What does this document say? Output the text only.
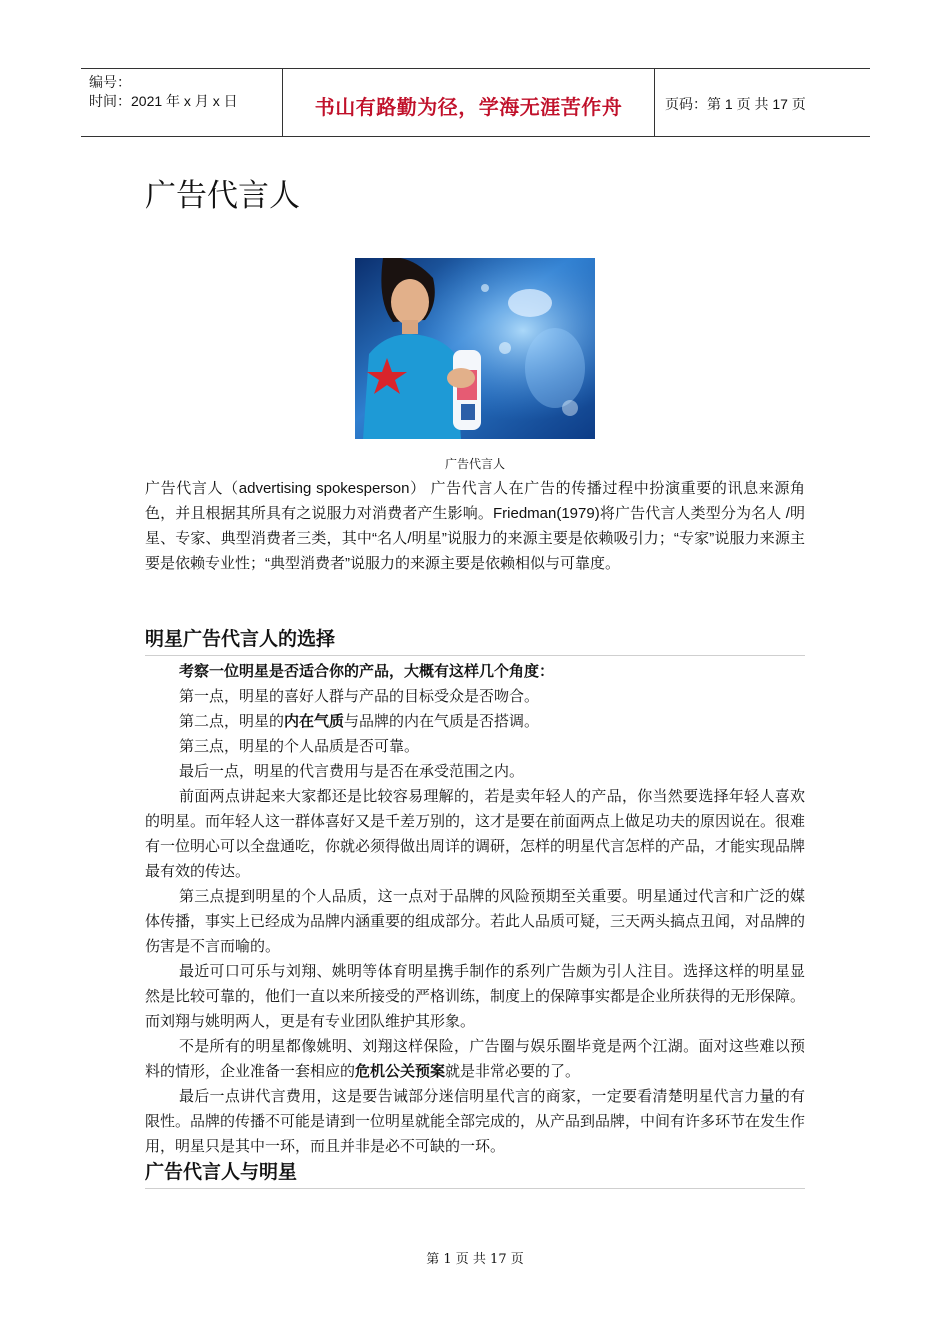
编号：
时间：2021 年 x 月 x 日	书山有路勤为径，学海无涯苦作舟	页码：第 1 页 共 17 页
广告代言人
广告代言人
广告代言人（advertising spokesperson） 广告代言人在广告的传播过程中扮演重要的讯息来源角色，并且根据其所具有之说服力对消费者产生影响。Friedman(1979)将广告代言人类型分为名人 /明星、专家、典型消费者三类，其中“名人/明星”说服力的来源主要是依赖吸引力；“专家”说服力来源主要是依赖专业性；“典型消费者”说服力的来源主要是依赖相似与可靠度。
明星广告代言人的选择

考察一位明星是否适合你的产品，大概有这样几个角度：

第一点，明星的喜好人群与产品的目标受众是否吻合。

第二点，明星的内在气质与品牌的内在气质是否搭调。

第三点，明星的个人品质是否可靠。

最后一点，明星的代言费用与是否在承受范围之内。

前面两点讲起来大家都还是比较容易理解的，若是卖年轻人的产品，你当然要选择年轻人喜欢的明星。而年轻人这一群体喜好又是千差万别的，这才是要在前面两点上做足功夫的原因说在。很难有一位明心可以全盘通吃，你就必须得做出周详的调研，怎样的明星代言怎样的产品，才能实现品牌最有效的传达。

第三点提到明星的个人品质，这一点对于品牌的风险预期至关重要。明星通过代言和广泛的媒体传播，事实上已经成为品牌内涵重要的组成部分。若此人品质可疑，三天两头搞点丑闻，对品牌的伤害是不言而喻的。

最近可口可乐与刘翔、姚明等体育明星携手制作的系列广告颇为引人注目。选择这样的明星显然是比较可靠的，他们一直以来所接受的严格训练，制度上的保障事实都是企业所获得的无形保障。而刘翔与姚明两人，更是有专业团队维护其形象。

不是所有的明星都像姚明、刘翔这样保险，广告圈与娱乐圈毕竟是两个江湖。面对这些难以预料的情形，企业准备一套相应的危机公关预案就是非常必要的了。

最后一点讲代言费用，这是要告诫部分迷信明星代言的商家，一定要看清楚明星代言力量的有限性。品牌的传播不可能是请到一位明星就能全部完成的，从产品到品牌，中间有许多环节在发生作用，明星只是其中一环，而且并非是必不可缺的一环。

广告代言人与明星
第 1 页 共 17 页
